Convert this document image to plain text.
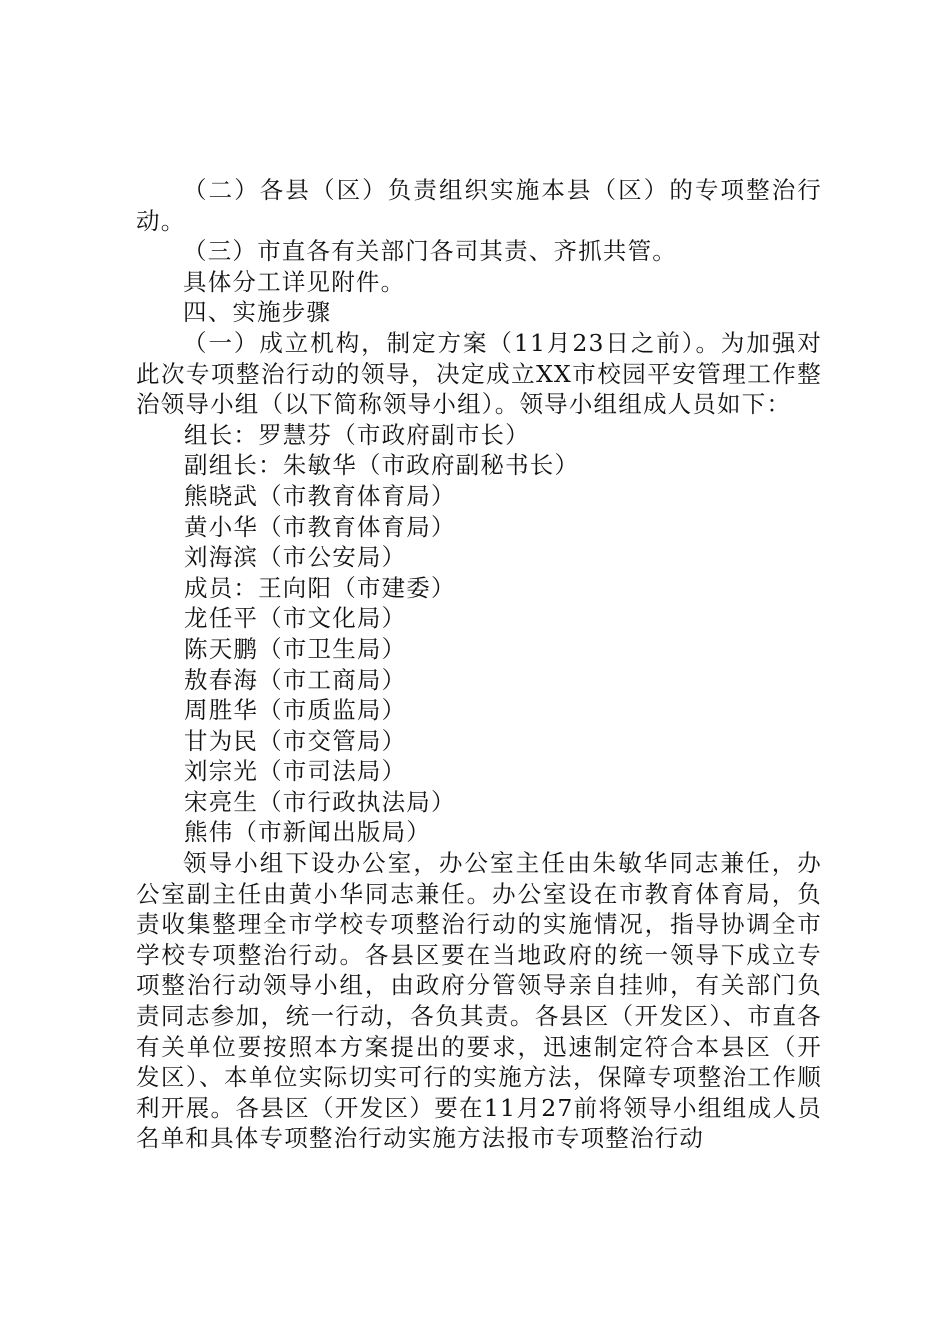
（二）各县（区）负责组织实施本县（区）的专项整治行动。

（三）市直各有关部门各司其责、齐抓共管。

具体分工详见附件。

四、实施步骤

（一）成立机构，制定方案（11月23日之前）。为加强对此次专项整治行动的领导，决定成立XX市校园平安管理工作整治领导小组（以下简称领导小组）。领导小组组成人员如下：

组长：罗慧芬（市政府副市长）
副组长：朱敏华（市政府副秘书长）
熊晓武（市教育体育局）
黄小华（市教育体育局）
刘海滨（市公安局）
成员：王向阳（市建委）
龙任平（市文化局）
陈天鹏（市卫生局）
敖春海（市工商局）
周胜华（市质监局）
甘为民（市交管局）
刘宗光（市司法局）
宋亮生（市行政执法局）
熊伟（市新闻出版局）

领导小组下设办公室，办公室主任由朱敏华同志兼任，办公室副主任由黄小华同志兼任。办公室设在市教育体育局，负责收集整理全市学校专项整治行动的实施情况，指导协调全市学校专项整治行动。各县区要在当地政府的统一领导下成立专项整治行动领导小组，由政府分管领导亲自挂帅，有关部门负责同志参加，统一行动，各负其责。各县区（开发区）、市直各有关单位要按照本方案提出的要求，迅速制定符合本县区（开发区）、本单位实际切实可行的实施方法，保障专项整治工作顺利开展。各县区（开发区）要在11月27前将领导小组组成人员名单和具体专项整治行动实施方法报市专项整治行动
